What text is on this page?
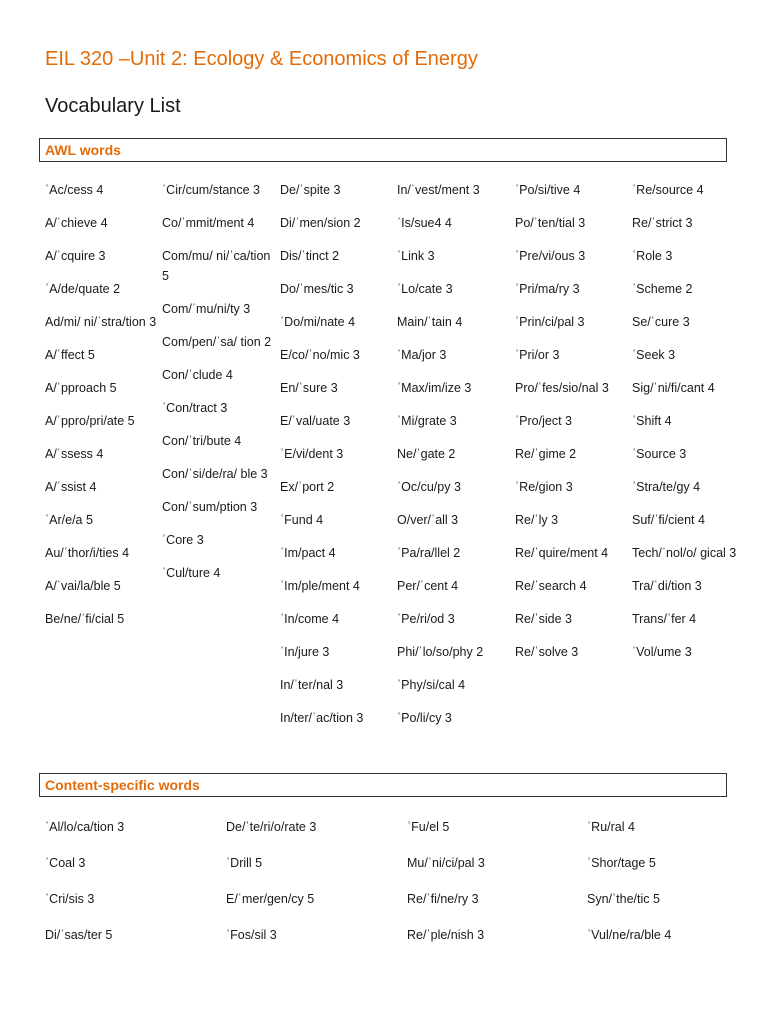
EIL 320 –Unit 2: Ecology & Economics of Energy
Vocabulary List
AWL words
ˈAc/cess 4
A/ˈchieve 4
A/ˈcquire 3
ˈA/de/quate 2
Ad/mi/ ni/ˈstra/tion 3
A/ˈffect 5
A/ˈpproach 5
A/ˈppro/pri/ate 5
A/ˈssess 4
A/ˈssist 4
ˈAr/e/a 5
Au/ˈthor/i/ties 4
A/ˈvai/la/ble 5
Be/ne/ˈfi/cial 5
ˈCir/cum/stance 3
Co/ˈmmit/ment 4
Com/mu/ ni/ˈca/tion 5
Com/ˈmu/ni/ty 3
Com/pen/ˈsa/ tion 2
Con/ˈclude 4
ˈCon/tract 3
Con/ˈtri/bute 4
Con/ˈsi/de/ra/ ble 3
Con/ˈsum/ption 3
ˈCore 3
ˈCul/ture 4
De/ˈspite 3
Di/ˈmen/sion 2
Dis/ˈtinct 2
Do/ˈmes/tic 3
ˈDo/mi/nate 4
E/co/ˈno/mic 3
En/ˈsure 3
E/ˈval/uate 3
ˈE/vi/dent 3
Ex/ˈport 2
ˈFund 4
ˈIm/pact 4
ˈIm/ple/ment 4
ˈIn/come 4
ˈIn/jure 3
In/ˈter/nal 3
In/ter/ˈac/tion 3
In/ˈvest/ment 3
ˈIs/sue4 4
ˈLink 3
ˈLo/cate 3
Main/ˈtain 4
ˈMa/jor 3
ˈMax/im/ize 3
ˈMi/grate 3
Ne/ˈgate 2
ˈOc/cu/py 3
O/ver/ˈall 3
ˈPa/ra/llel 2
Per/ˈcent 4
ˈPe/ri/od 3
Phi/ˈlo/so/phy 2
ˈPhy/si/cal 4
ˈPo/li/cy 3
ˈPo/si/tive 4
Po/ˈten/tial 3
ˈPre/vi/ous 3
ˈPri/ma/ry 3
ˈPrin/ci/pal 3
ˈPri/or 3
Pro/ˈfes/sio/nal 3
ˈPro/ject 3
Re/ˈgime 2
ˈRe/gion 3
Re/ˈly 3
Re/ˈquire/ment 4
Re/ˈsearch 4
Re/ˈside 3
Re/ˈsolve 3
ˈRe/source 4
Re/ˈstrict 3
ˈRole 3
ˈScheme 2
Se/ˈcure 3
ˈSeek 3
Sig/ˈni/fi/cant 4
ˈShift 4
ˈSource 3
ˈStra/te/gy 4
Suf/ˈfi/cient 4
Tech/ˈnol/o/ gical 3
Tra/ˈdi/tion 3
Trans/ˈfer 4
ˈVol/ume 3
Content-specific words
ˈAl/lo/ca/tion 3
ˈCoal 3
ˈCri/sis 3
Di/ˈsas/ter 5
De/ˈte/ri/o/rate 3
ˈDrill 5
E/ˈmer/gen/cy 5
ˈFos/sil 3
ˈFu/el 5
Mu/ˈni/ci/pal 3
Re/ˈfi/ne/ry 3
Re/ˈple/nish 3
ˈRu/ral 4
ˈShor/tage 5
Syn/ˈthe/tic 5
ˈVul/ne/ra/ble 4
